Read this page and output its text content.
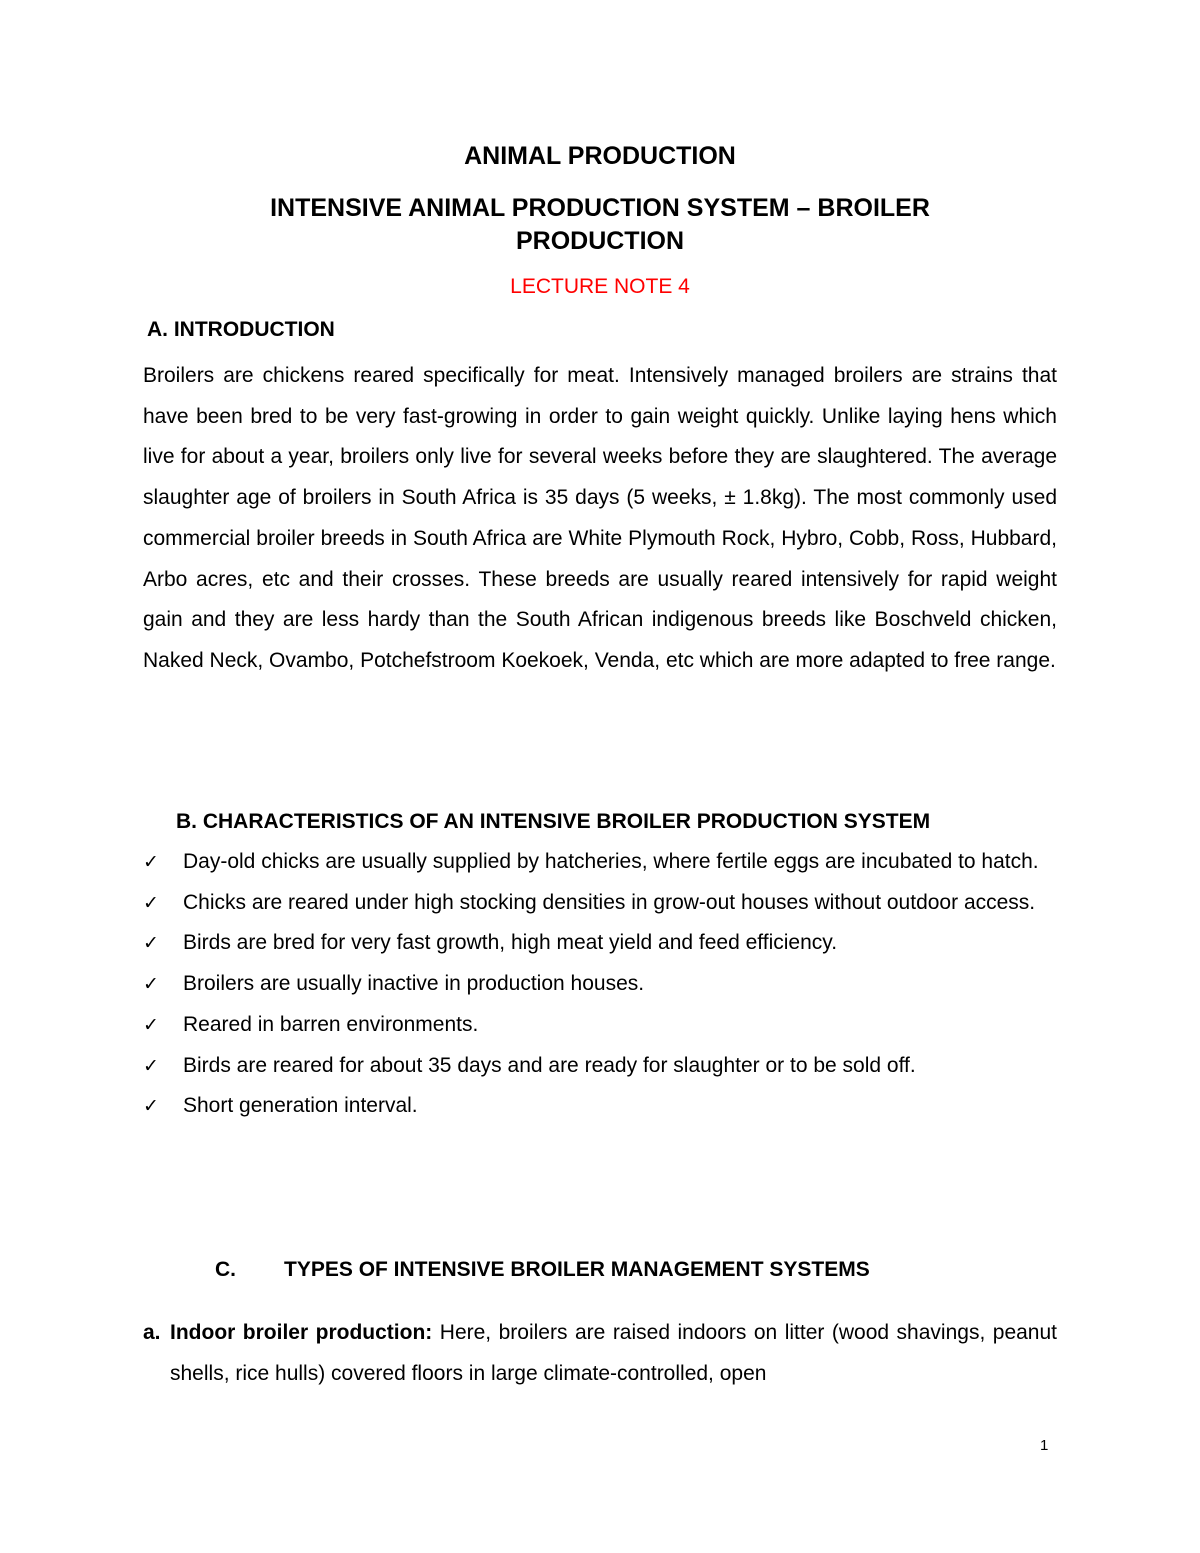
ANIMAL PRODUCTION
INTENSIVE ANIMAL PRODUCTION SYSTEM – BROILER PRODUCTION
LECTURE NOTE 4
A. INTRODUCTION
Broilers are chickens reared specifically for meat. Intensively managed broilers are strains that have been bred to be very fast-growing in order to gain weight quickly. Unlike laying hens which live for about a year, broilers only live for several weeks before they are slaughtered. The average slaughter age of broilers in South Africa is 35 days (5 weeks, ± 1.8kg). The most commonly used commercial broiler breeds in South Africa are White Plymouth Rock, Hybro, Cobb, Ross, Hubbard, Arbo acres, etc and their crosses. These breeds are usually reared intensively for rapid weight gain and they are less hardy than the South African indigenous breeds like Boschveld chicken, Naked Neck, Ovambo, Potchefstroom Koekoek, Venda, etc which are more adapted to free range.
B. CHARACTERISTICS OF AN INTENSIVE BROILER PRODUCTION SYSTEM
✓ Day-old chicks are usually supplied by hatcheries, where fertile eggs are incubated to hatch.
✓ Chicks are reared under high stocking densities in grow-out houses without outdoor access.
✓ Birds are bred for very fast growth, high meat yield and feed efficiency.
✓ Broilers are usually inactive in production houses.
✓ Reared in barren environments.
✓ Birds are reared for about 35 days and are ready for slaughter or to be sold off.
✓ Short generation interval.
C. TYPES OF INTENSIVE BROILER MANAGEMENT SYSTEMS
a. Indoor broiler production: Here, broilers are raised indoors on litter (wood shavings, peanut shells, rice hulls) covered floors in large climate-controlled, open
1
